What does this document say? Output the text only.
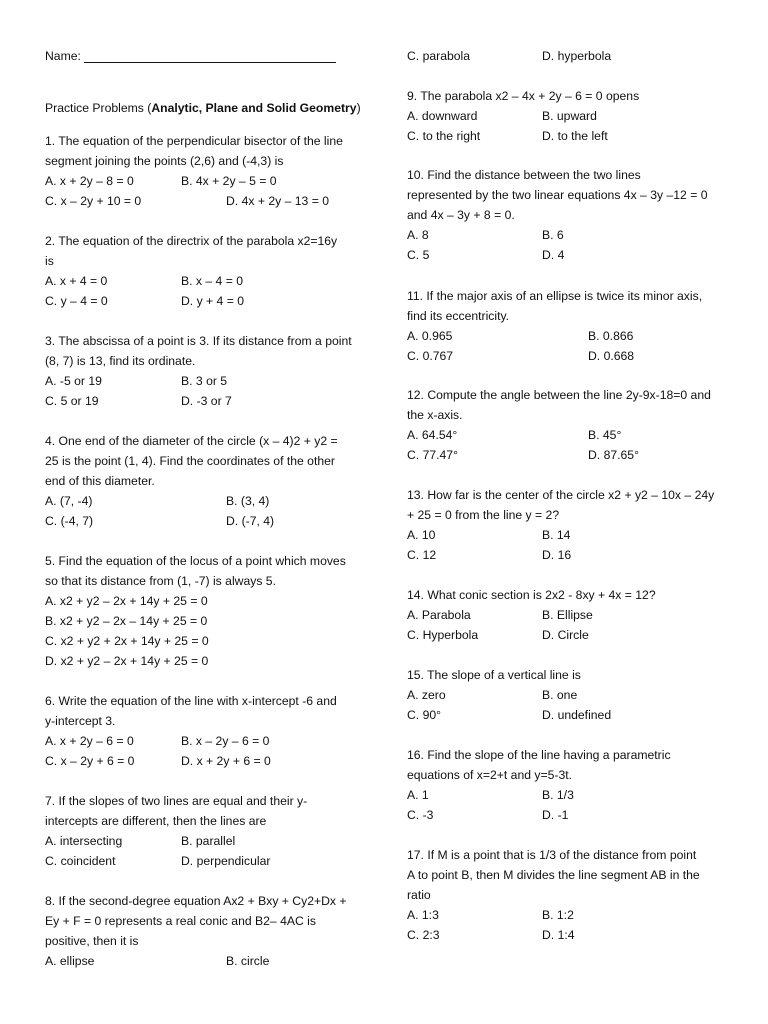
Name:
Practice Problems (Analytic, Plane and Solid Geometry)
1. The equation of the perpendicular bisector of the line
segment joining the points (2,6) and (-4,3) is
A. x + 2y – 8 = 0	B. 4x + 2y – 5 = 0
C. x – 2y + 10 = 0	D. 4x + 2y – 13 = 0
2. The equation of the directrix of the parabola x2=16y
is
A. x + 4 = 0	B. x – 4 = 0
C. y – 4 = 0	D. y + 4 = 0
3. The abscissa of a point is 3. If its distance from a point
(8, 7) is 13, find its ordinate.
A. -5 or 19	B. 3 or 5
C. 5 or 19	D. -3 or 7
4. One end of the diameter of the circle (x – 4)2 + y2 =
25 is the point (1, 4). Find the coordinates of the other
end of this diameter.
A. (7, -4)	B. (3, 4)
C. (-4, 7)	D. (-7, 4)
5. Find the equation of the locus of a point which moves
so that its distance from (1, -7) is always 5.
A. x2 + y2 – 2x + 14y + 25 = 0
B. x2 + y2 – 2x – 14y + 25 = 0
C. x2 + y2 + 2x + 14y + 25 = 0
D. x2 + y2 – 2x + 14y + 25 = 0
6. Write the equation of the line with x-intercept -6 and
y-intercept 3.
A. x + 2y – 6 = 0	B. x – 2y – 6 = 0
C. x – 2y + 6 = 0	D. x + 2y + 6 = 0
7. If the slopes of two lines are equal and their y-
intercepts are different, then the lines are
A. intersecting	B. parallel
C. coincident	D. perpendicular
8. If the second-degree equation Ax2 + Bxy + Cy2+Dx +
Ey + F = 0 represents a real conic and B2– 4AC is
positive, then it is
A. ellipse	B. circle
C. parabola	D. hyperbola
9. The parabola x2 – 4x + 2y – 6 = 0 opens
A. downward	B. upward
C. to the right	D. to the left
10. Find the distance between the two lines
represented by the two linear equations 4x – 3y –12 = 0
and 4x – 3y + 8 = 0.
A. 8	B. 6
C. 5	D. 4
11. If the major axis of an ellipse is twice its minor axis,
find its eccentricity.
A. 0.965	B. 0.866
C. 0.767	D. 0.668
12. Compute the angle between the line 2y-9x-18=0 and
the x-axis.
A. 64.54°	B. 45°
C. 77.47°	D. 87.65°
13. How far is the center of the circle x2 + y2 – 10x – 24y
+ 25 = 0 from the line y = 2?
A. 10	B. 14
C. 12	D. 16
14. What conic section is 2x2 - 8xy + 4x = 12?
A. Parabola	B. Ellipse
C. Hyperbola	D. Circle
15. The slope of a vertical line is
A. zero	B. one
C. 90°	D. undefined
16. Find the slope of the line having a parametric
equations of x=2+t and y=5-3t.
A. 1	B. 1/3
C. -3	D. -1
17. If M is a point that is 1/3 of the distance from point
A to point B, then M divides the line segment AB in the
ratio
A. 1:3	B. 1:2
C. 2:3	D. 1:4
